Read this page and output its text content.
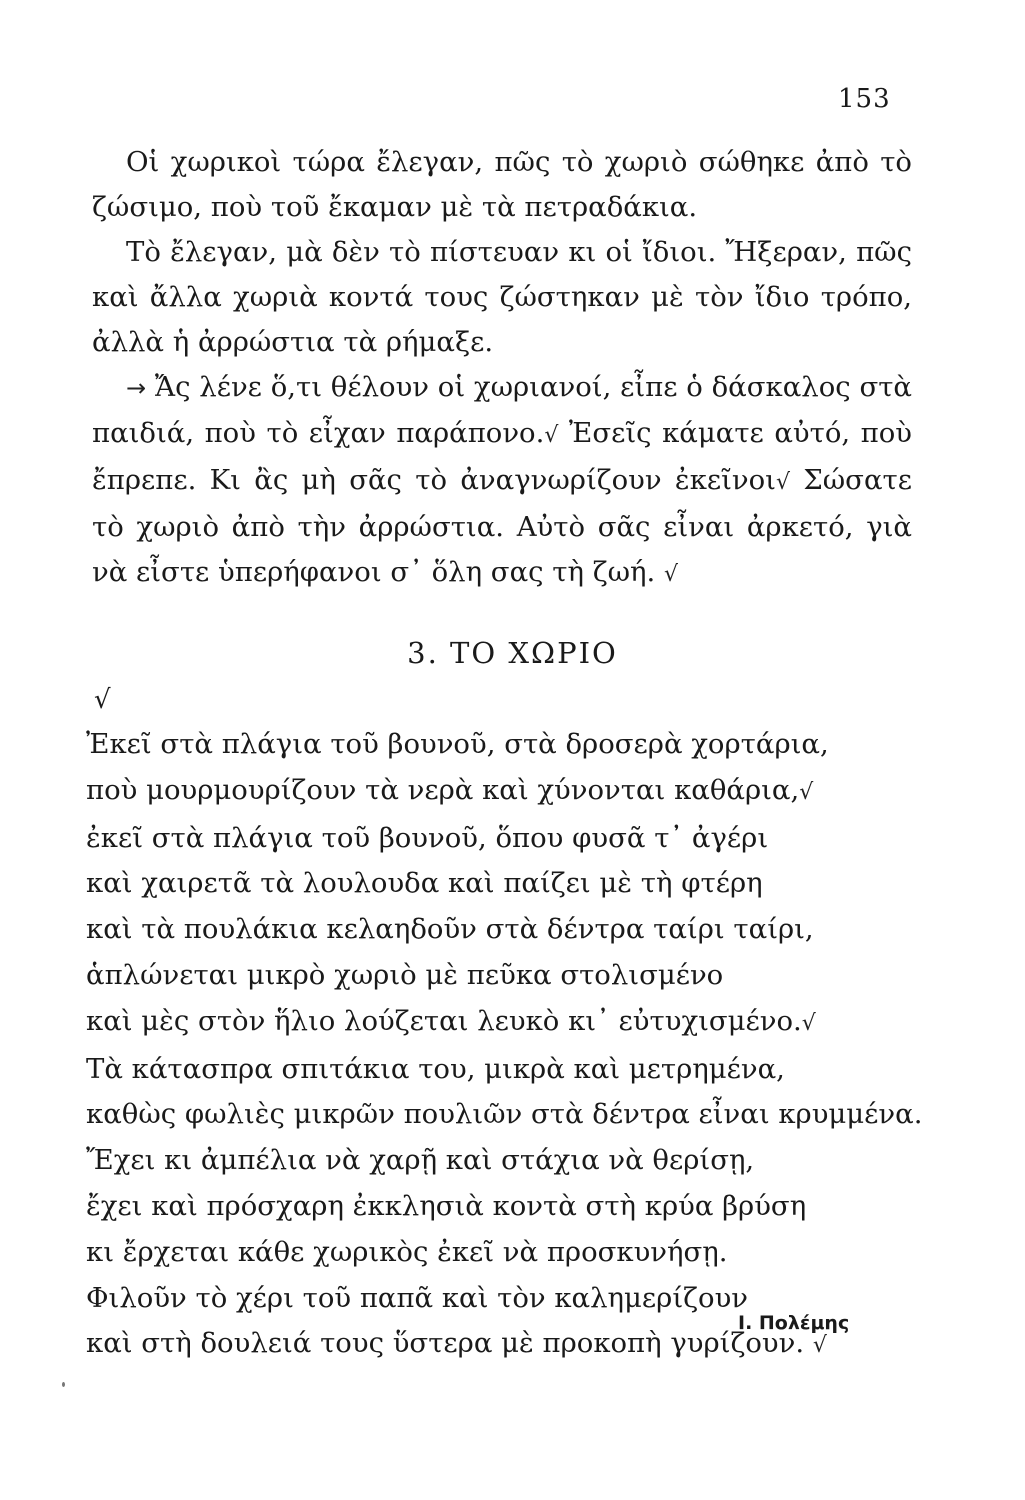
153

Οἱ χωρικοὶ τώρα ἔλεγαν, πῶς τὸ χωριὸ σώθηκε ἀπὸ τὸ ζώσιμο, ποὺ τοῦ ἔκαμαν μὲ τὰ πετραδάκια.

Τὸ ἔλεγαν, μὰ δὲν τὸ πίστευαν κι οἱ ἴδιοι. Ἤξεραν, πῶς καὶ ἄλλα χωριὰ κοντά τους ζώστηκαν μὲ τὸν ἴδιο τρόπο, ἀλλὰ ἡ ἀρρώστια τὰ ρήμαξε.

→ Ἄς λένε ὅ,τι θέλουν οἱ χωριανοί, εἶπε ὁ δάσκαλος στὰ παιδιά, ποὺ τὸ εἶχαν παράπονο.√ Ἐσεῖς κάματε αὐτό, ποὺ ἔπρεπε. Κι ἂς μὴ σᾶς τὸ ἀναγνωρίζουν ἐκεῖνοι√ Σώσατε τὸ χωριὸ ἀπὸ τὴν ἀρρώστια. Αὐτὸ σᾶς εἶναι ἀρκετό, γιὰ νὰ εἶστε ὑπερήφανοι σ᾿ ὅλη σας τὴ ζωή. √

3. ΤΟ ΧΩΡΙΟ
√
Ἐκεῖ στὰ πλάγια τοῦ βουνοῦ, στὰ δροσερὰ χορτάρια,
ποὺ μουρμουρίζουν τὰ νερὰ καὶ χύνονται καθάρια,√
ἐκεῖ στὰ πλάγια τοῦ βουνοῦ, ὅπου φυσᾶ τ᾿ ἀγέρι
καὶ χαιρετᾶ τὰ λουλουδα καὶ παίζει μὲ τὴ φτέρη
καὶ τὰ πουλάκια κελαηδοῦν στὰ δέντρα ταίρι ταίρι,
ἁπλώνεται μικρὸ χωριὸ μὲ πεῦκα στολισμένο
καὶ μὲς στὸν ἥλιο λούζεται λευκὸ κι᾿ εὐτυχισμένο.√
Τὰ κάτασπρα σπιτάκια του, μικρὰ καὶ μετρημένα,
καθὼς φωλιὲς μικρῶν πουλιῶν στὰ δέντρα εἶναι κρυμμένα.
Ἔχει κι ἀμπέλια νὰ χαρῇ καὶ στάχια νὰ θερίσῃ,
ἔχει καὶ πρόσχαρη ἐκκλησιὰ κοντὰ στὴ κρύα βρύση
κι ἔρχεται κάθε χωρικὸς ἐκεῖ νὰ προσκυνήσῃ.
Φιλοῦν τὸ χέρι τοῦ παπᾶ καὶ τὸν καλημερίζουν
καὶ στὴ δουλειά τους ὕστερα μὲ προκοπὴ γυρίζουν. √
Ι. Πολέμης
